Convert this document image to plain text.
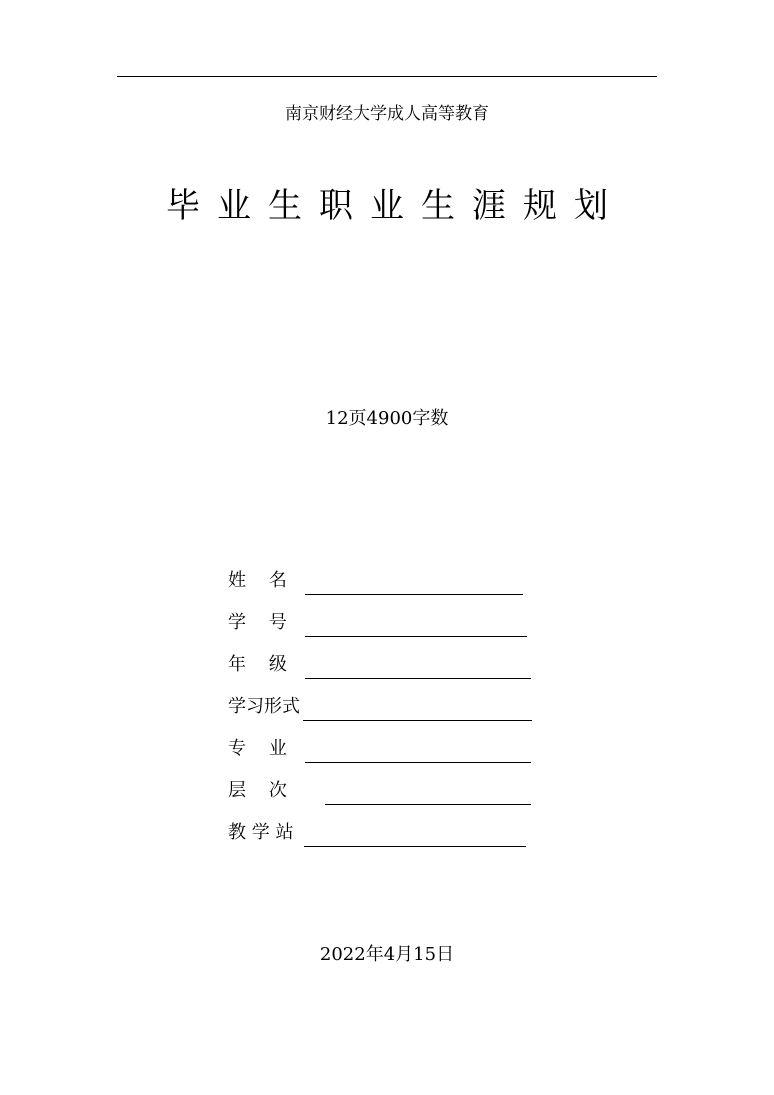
南京财经大学成人高等教育
毕业生职业生涯规划
12页4900字数
姓    名
学    号
年    级
学习形式
专    业
层    次
教 学 站
2022年4月15日
